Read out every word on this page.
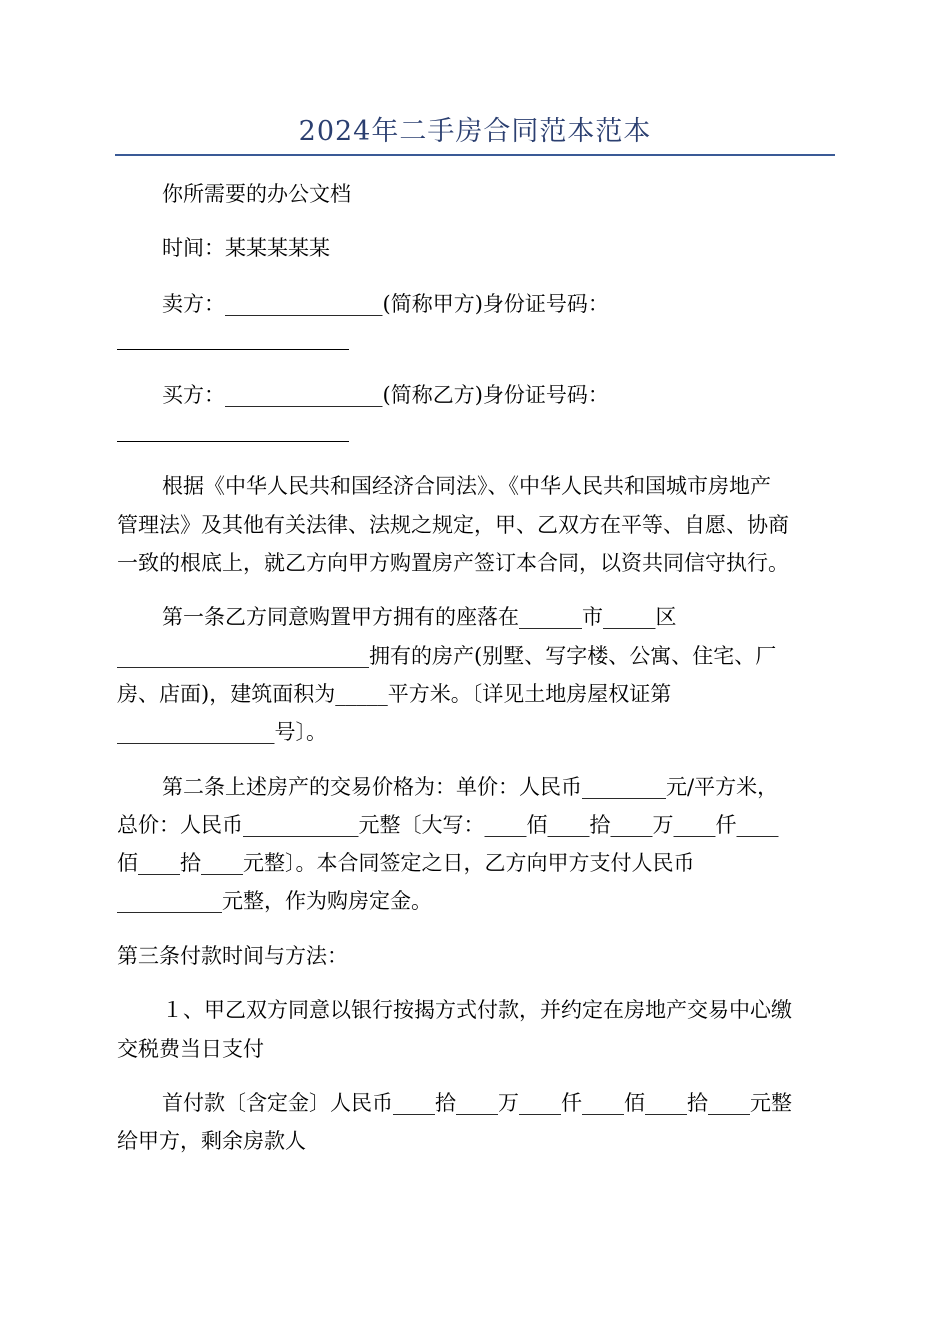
2024年二手房合同范本范本
你所需要的办公文档
时间：某某某某某
卖方：_______________(简称甲方)身份证号码：
买方：_______________(简称乙方)身份证号码：
根据《中华人民共和国经济合同法》、《中华人民共和国城市房地产
管理法》及其他有关法律、法规之规定，甲、乙双方在平等、自愿、协商
一致的根底上，就乙方向甲方购置房产签订本合同，以资共同信守执行。
第一条乙方同意购置甲方拥有的座落在______市_____区
________________________拥有的房产(别墅、写字楼、公寓、住宅、厂
房、店面)，建筑面积为_____平方米。〔详见土地房屋权证第
_______________号〕。
第二条上述房产的交易价格为：单价：人民币________元/平方米，
总价：人民币___________元整〔大写：____佰____拾____万____仟____
佰____拾____元整〕。本合同签定之日，乙方向甲方支付人民币
__________元整，作为购房定金。
第三条付款时间与方法：
１、甲乙双方同意以银行按揭方式付款，并约定在房地产交易中心缴
交税费当日支付
首付款〔含定金〕人民币____拾____万____仟____佰____拾____元整
给甲方，剩余房款人
